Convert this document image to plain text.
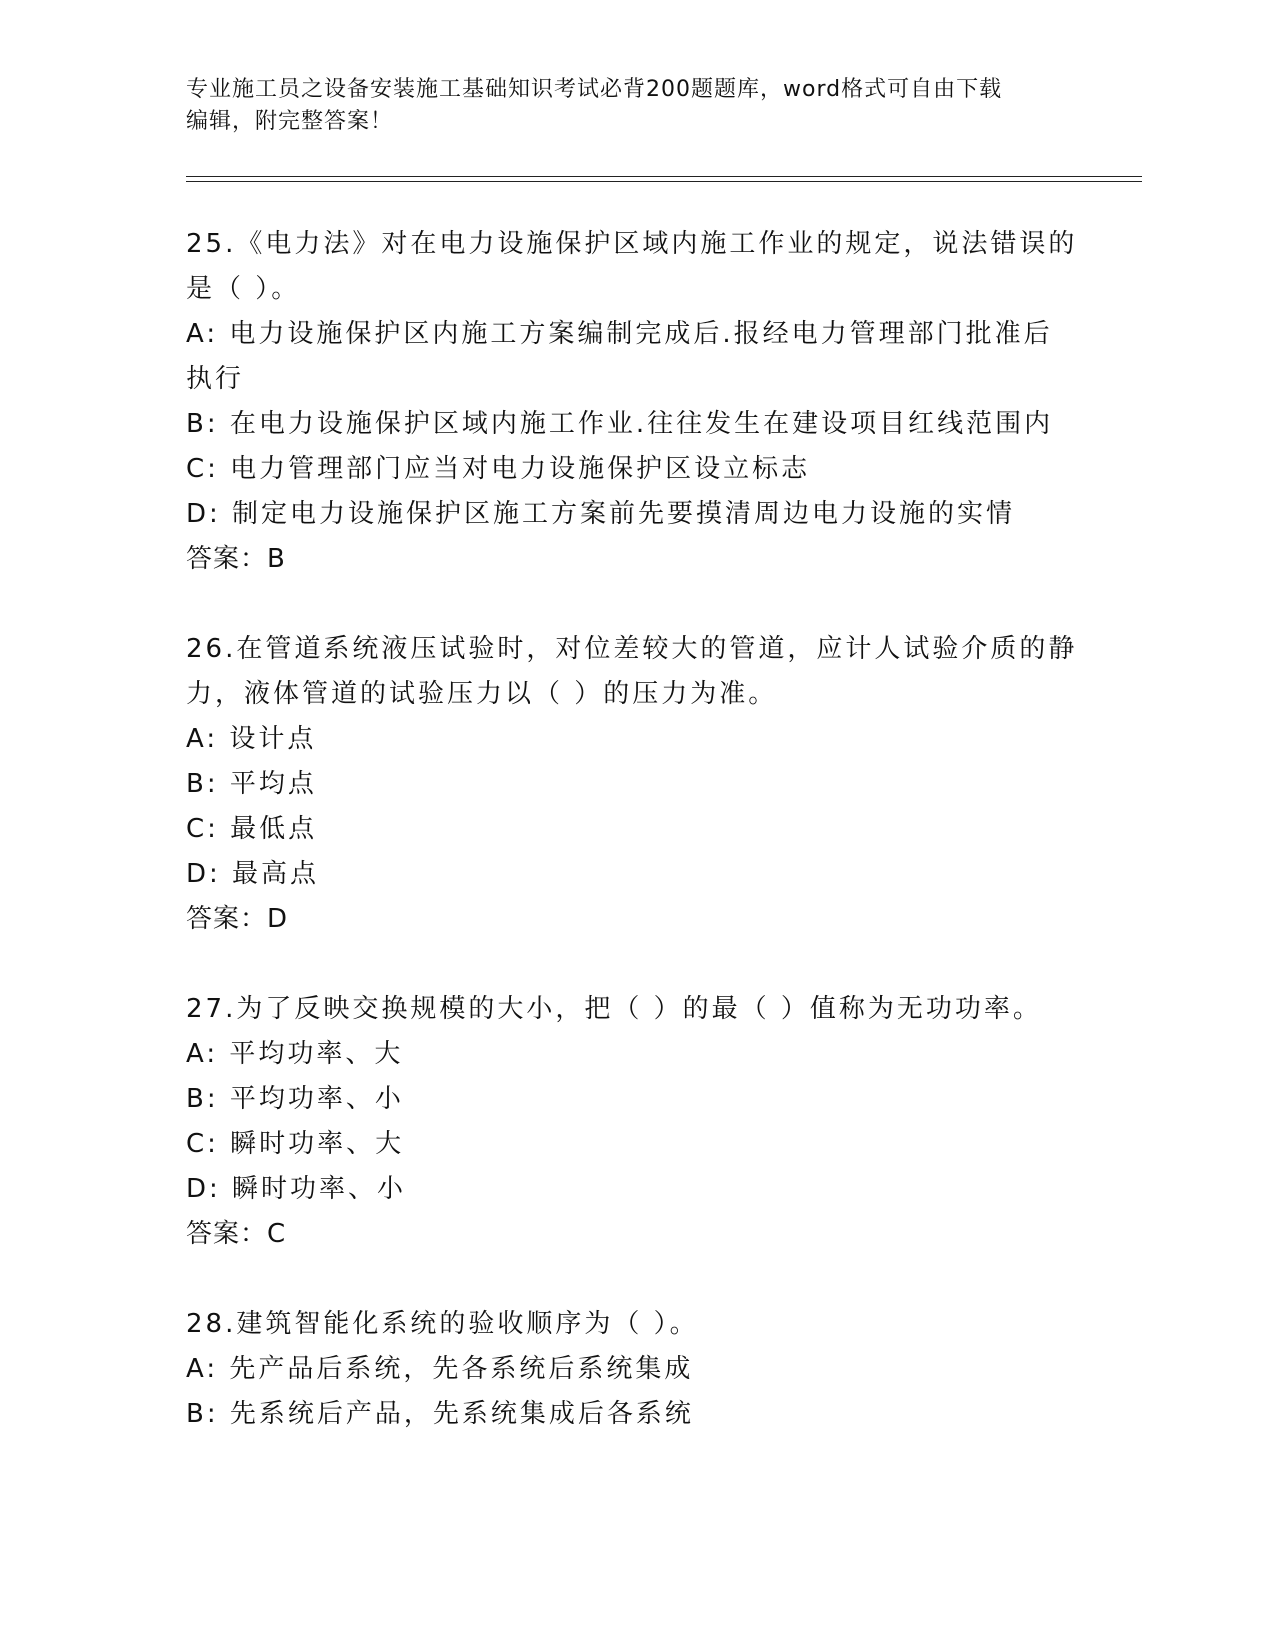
专业施工员之设备安装施工基础知识考试必背200题题库，word格式可自由下载
编辑，附完整答案！
25.《电力法》对在电力设施保护区域内施工作业的规定，说法错误的
是（ ）。
A: 电力设施保护区内施工方案编制完成后.报经电力管理部门批准后
执行
B: 在电力设施保护区域内施工作业.往往发生在建设项目红线范围内
C: 电力管理部门应当对电力设施保护区设立标志
D: 制定电力设施保护区施工方案前先要摸清周边电力设施的实情
答案：B
26.在管道系统液压试验时，对位差较大的管道，应计人试验介质的静
力，液体管道的试验压力以（ ）的压力为准。
A: 设计点
B: 平均点
C: 最低点
D: 最高点
答案：D
27.为了反映交换规模的大小，把（ ）的最（ ）值称为无功功率。
A: 平均功率、大
B: 平均功率、小
C: 瞬时功率、大
D: 瞬时功率、小
答案：C
28.建筑智能化系统的验收顺序为（ ）。
A: 先产品后系统，先各系统后系统集成
B: 先系统后产品，先系统集成后各系统
